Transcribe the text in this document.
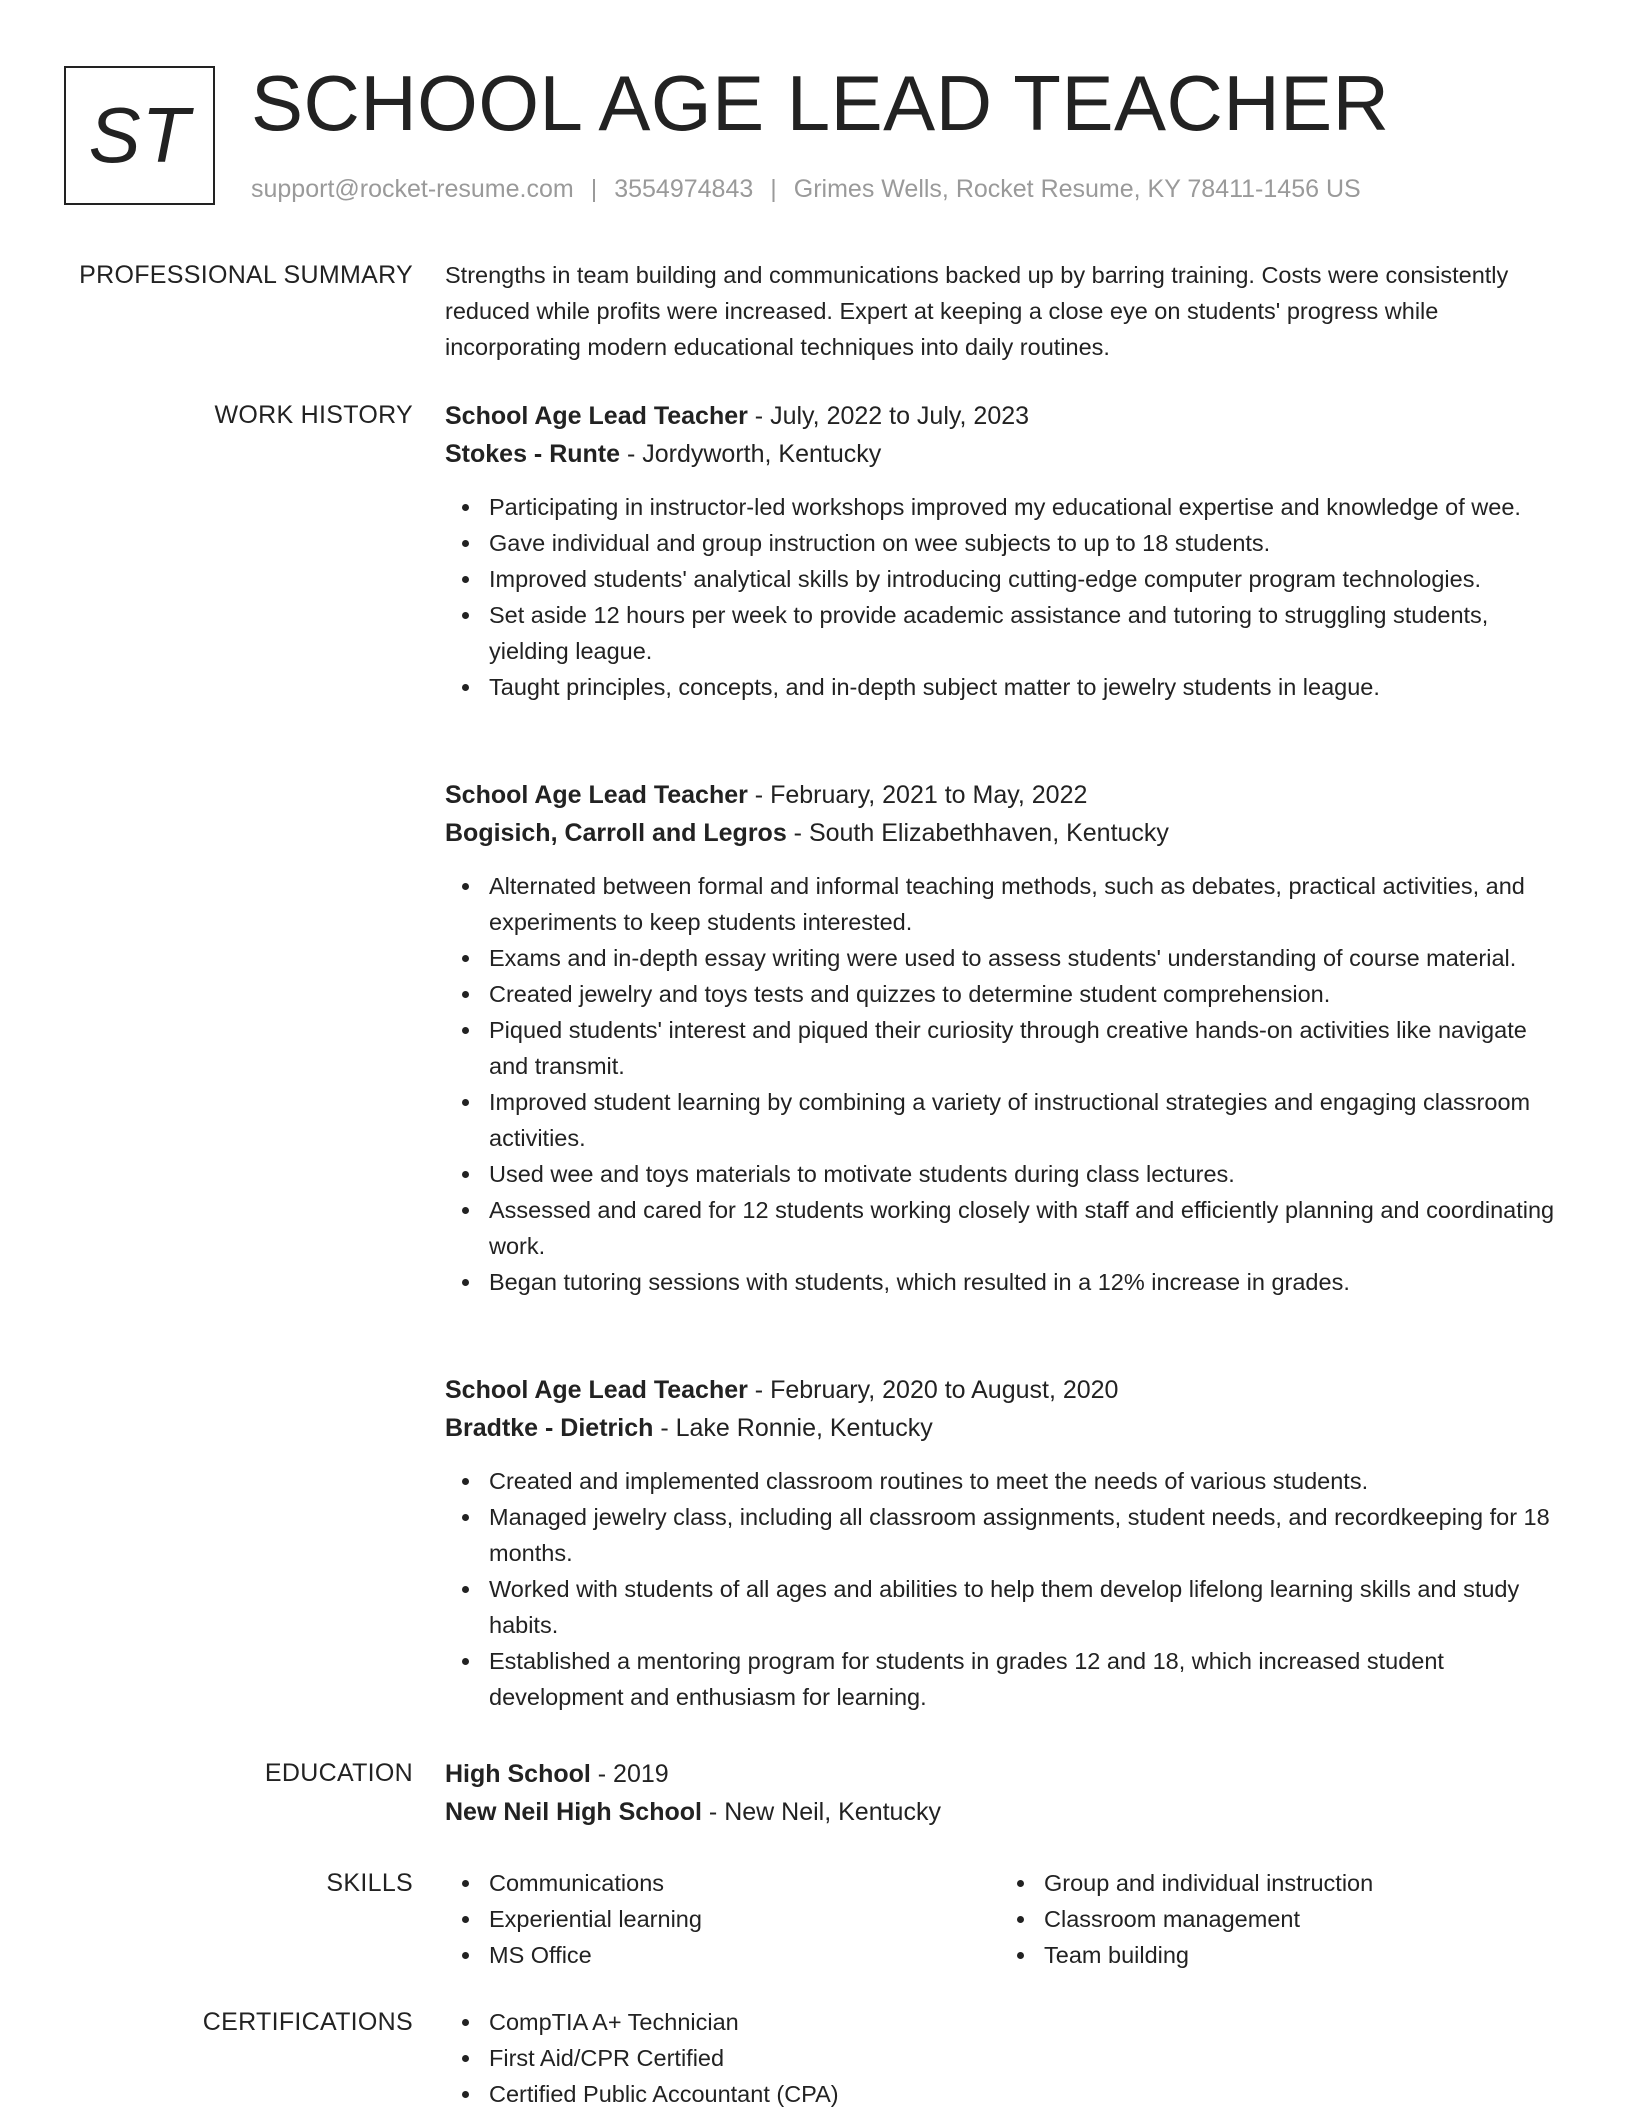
ST SCHOOL AGE LEAD TEACHER
support@rocket-resume.com | 3554974843 | Grimes Wells, Rocket Resume, KY 78411-1456 US
PROFESSIONAL SUMMARY Strengths in team building and communications backed up by barring training. Costs were consistently reduced while profits were increased. Expert at keeping a close eye on students' progress while incorporating modern educational techniques into daily routines.

WORK HISTORY School Age Lead Teacher - July, 2022 to July, 2023

Stokes - Runte - Jordyworth, Kentucky

Participating in instructor-led workshops improved my educational expertise and knowledge of wee.
Gave individual and group instruction on wee subjects to up to 18 students.
Improved students' analytical skills by introducing cutting-edge computer program technologies.
Set aside 12 hours per week to provide academic assistance and tutoring to struggling students, yielding league.
Taught principles, concepts, and in-depth subject matter to jewelry students in league.

School Age Lead Teacher - February, 2021 to May, 2022

Bogisich, Carroll and Legros - South Elizabethhaven, Kentucky

Alternated between formal and informal teaching methods, such as debates, practical activities, and experiments to keep students interested.
Exams and in-depth essay writing were used to assess students' understanding of course material.
Created jewelry and toys tests and quizzes to determine student comprehension.
Piqued students' interest and piqued their curiosity through creative hands-on activities like navigate and transmit.
Improved student learning by combining a variety of instructional strategies and engaging classroom activities.
Used wee and toys materials to motivate students during class lectures.
Assessed and cared for 12 students working closely with staff and efficiently planning and coordinating work.
Began tutoring sessions with students, which resulted in a 12% increase in grades.

School Age Lead Teacher - February, 2020 to August, 2020

Bradtke - Dietrich - Lake Ronnie, Kentucky

Created and implemented classroom routines to meet the needs of various students.
Managed jewelry class, including all classroom assignments, student needs, and recordkeeping for 18 months.
Worked with students of all ages and abilities to help them develop lifelong learning skills and study habits.
Established a mentoring program for students in grades 12 and 18, which increased student development and enthusiasm for learning.
EDUCATION High School - 2019

New Neil High School - New Neil, Kentucky

SKILLS	Communications
Experiential learning
MS Office
Group and individual instruction
Classroom management
Team building
CERTIFICATIONS	CompTIA A+ Technician
First Aid/CPR Certified
Certified Public Accountant (CPA)
